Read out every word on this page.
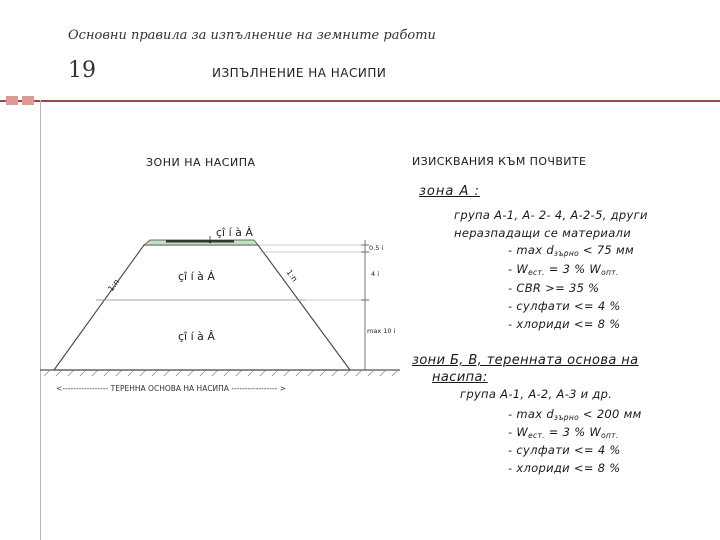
Основни правила за изпълнение на земните работи
19	ИЗПЪЛНЕНИЕ НА НАСИПИ
ЗОНИ НА НАСИПА
çî í à À
çî í à Á
çî í à Â
1:n
1:n
0.5 i
4 i
max 10 i
<----------------- ТЕРЕННА ОСНОВА НА НАСИПА ----------------- >
ИЗИСКВАНИЯ КЪМ ПОЧВИТЕ
зона А :
група А-1, А- 2- 4, А-2-5, други
неразпадащи се материали
- $\max d_{зърно} < 75$ мм
- $W_{ест.} = 3$ % $W_{опт.}$
- CBR >= 35 %
- сулфати <= 4 %
- хлориди <= 8 %
зони Б, В, теренната основа на
насипа:
група А-1, А-2, А-3 и др.
- $\max d_{зърно} < 200$ мм
- $W_{ест.} = 3$ % $W_{опт.}$
- сулфати <= 4 %
- хлориди <= 8 %
